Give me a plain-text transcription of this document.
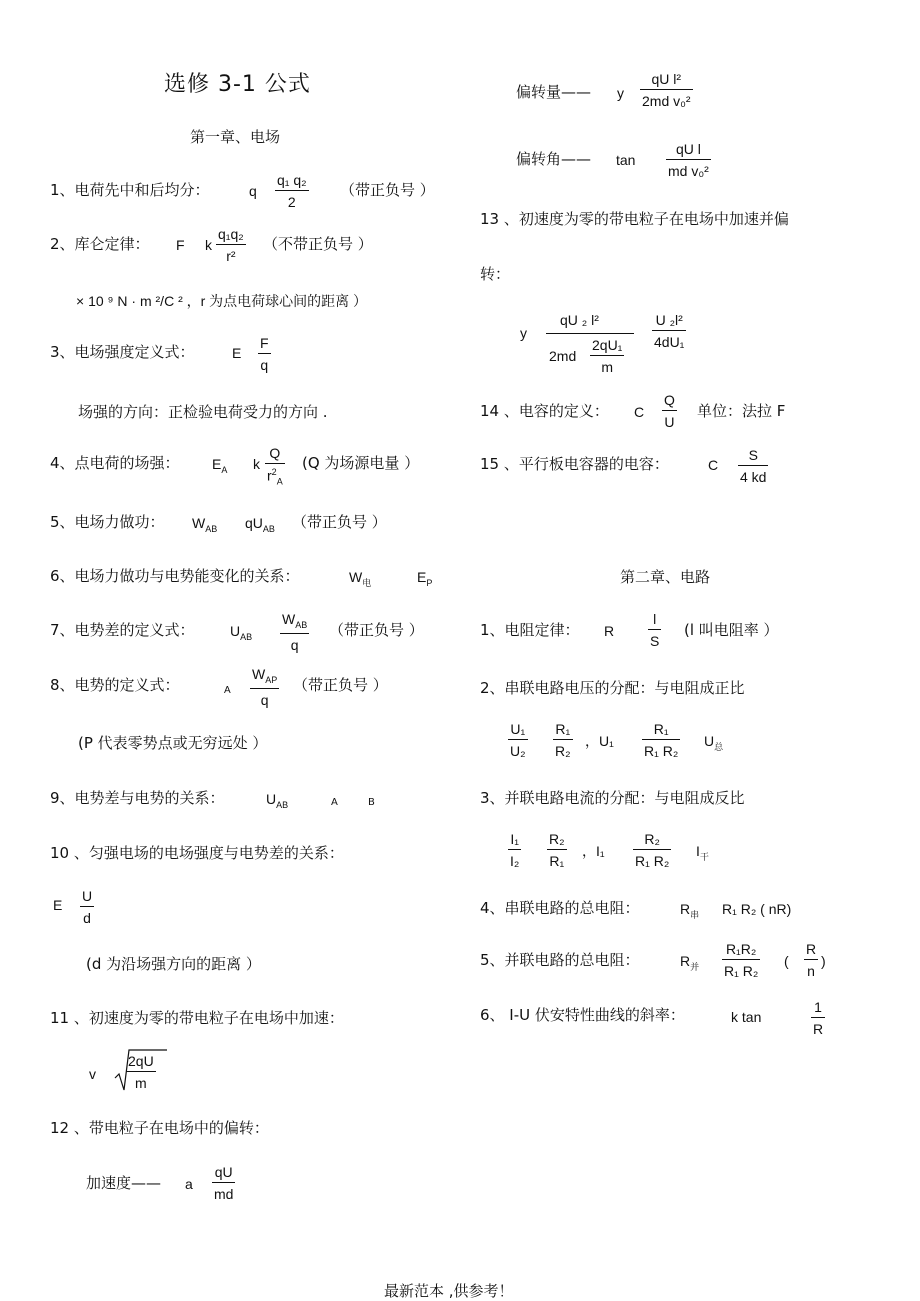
选修 3-1 公式
第一章、电场
1、电荷先中和后均分：	q $\frac{\text{q₁ q₂}}{2}$ （带正负号 ）
2、库仑定律： F k $\frac{\text{q₁q₂}}{\text{r²}}$ （不带正负号 ）
× 10 ⁹ N · m ²/C ² ，r 为点电荷球心间的距离 ）
3、电场强度定义式：	E $\frac{F}{q}$
场强的方向：正检验电荷受力的方向 .
4、点电荷的场强： $E_A$ k $\frac{Q}{r^2_A} (Q$ 为场源电量 ）
5、电场力做功： $W_{AB}$ $qU_{AB}$ （带正负号 ）
6、电场力做功与电势能变化的关系：	$W_电$	$E_P$
7、电势差的定义式：	$U_{AB}$
$W_{AB}$
q
（带正负号 ）
8、电势的定义式：	A
$W_{AP}$
q
（带正负号 ）
(P 代表零势点或无穷远处 ）
9、电势差与电势的关系：	$U_{AB}$	A	B
10 、匀强电场的电场强度与电势差的关系：
E $\frac{U}{d}$
(d 为沿场强方向的距离 ）
11 、初速度为零的带电粒子在电场中加速：
v $\frac{2qU}{m}$
12 、带电粒子在电场中的偏转：
加速度—— a $\frac{qU}{md}$
偏转量—— y $\frac{\text{qU l²}}{\text{2md v₀²}}$
偏转角—— $\tan \frac{\text{qU l}}{\text{md v₀²}}$
13 、初速度为零的带电粒子在电场中加速并偏
转：
y
qU ₂ l²
$2md \frac{\text{2qU₁}}{m}$
U ₂l²
4dU₁
14 、电容的定义： C $\frac{Q}{U}$ 单位：法拉 F
15 、平行板电容器的电容：	C $\frac{S}{4 kd}$
第二章、电路
1、电阻定律： R $\frac{l}{S} (l$ 叫电阻率 ）
2、串联电路电压的分配：与电阻成正比
$\frac{\text{U₁}}{\text{U₂}} \frac{\text{R₁}}{\text{R₂}}$ ，$U_1 \frac{\text{R₁}}{\text{R₁ R₂}} U_总$
3、并联电路电流的分配：与电阻成反比
$\frac{\text{I₁}}{\text{I₂}} \frac{\text{R₂}}{\text{R₁}}$ ，$I_1 \frac{\text{R₂}}{\text{R₁ R₂}} I_干$
4、串联电路的总电阻：	$R_串$ R₁ R₂ ( nR)
5、并联电路的总电阻：	$R_并 \frac{\text{R₁R₂}}{\text{R₁ R₂}}$ (
R
n
)
6、 I-U 伏安特性曲线的斜率：	k tan	$\frac{1}{R}$
最新范本 ,供参考！
